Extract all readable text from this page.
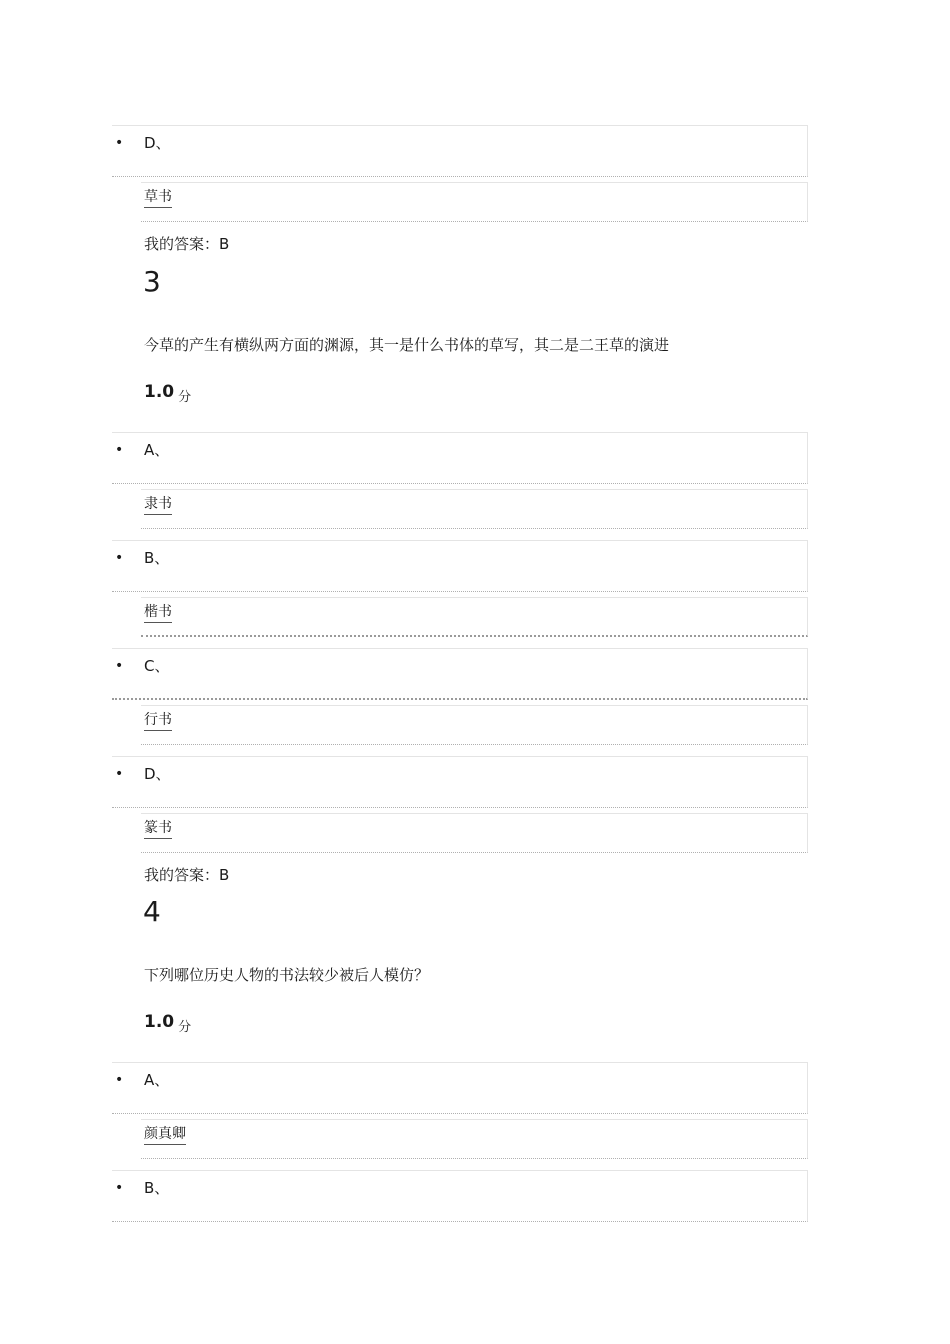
• D、
草书
我的答案：B
3
今草的产生有横纵两方面的渊源，其一是什么书体的草写，其二是二王草的演进
1.0 $_分$
• A、
隶书
• B、
楷书
• C、
行书
• D、
篆书
我的答案：B
4
下列哪位历史人物的书法较少被后人模仿？
1.0 $_分$
• A、
颜真卿
• B、
